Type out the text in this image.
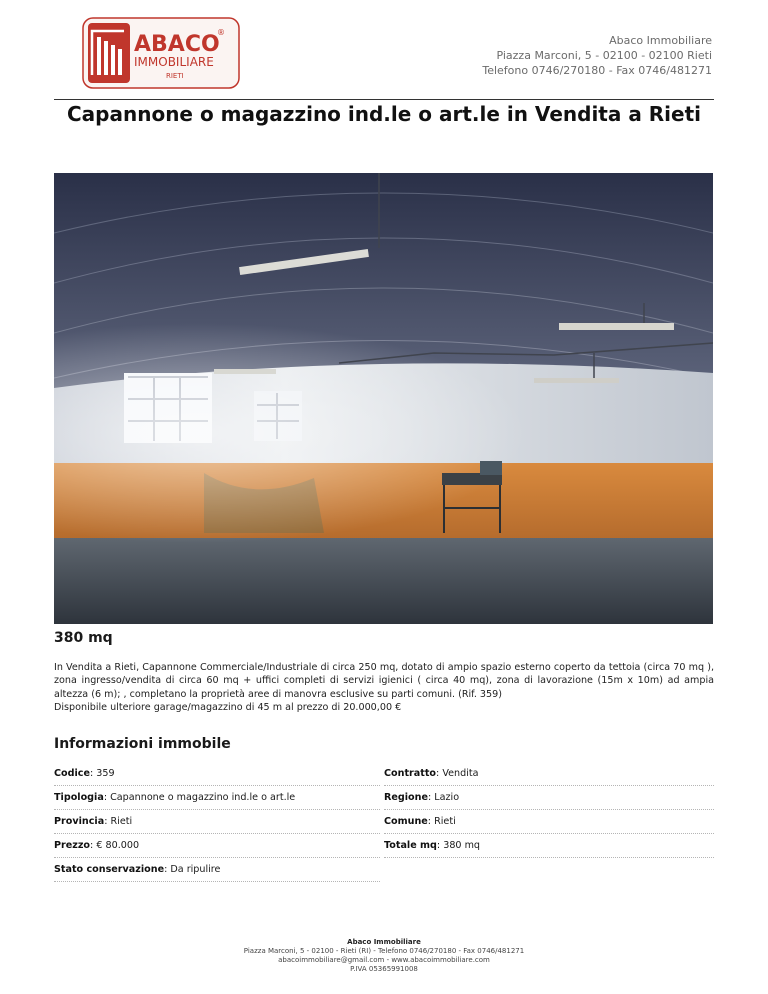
ABACO
®
IMMOBILIARE
RIETI
Abaco Immobiliare
Piazza Marconi, 5 - 02100 - 02100 Rieti
Telefono 0746/270180 - Fax 0746/481271
Capannone o magazzino ind.le o art.le in Vendita a Rieti
380 mq

In Vendita a Rieti, Capannone Commerciale/Industriale di circa 250 mq, dotato di ampio spazio esterno coperto da tettoia (circa 70 mq ), zona ingresso/vendita di circa 60 mq + uffici completi di servizi igienici ( circa 40 mq), zona di lavorazione (15m x 10m) ad ampia altezza (6 m); , completano la proprietà aree di manovra esclusive su parti comuni. (Rif. 359)

Disponibile ulteriore garage/magazzino di 45 m al prezzo di 20.000,00 €

Informazioni immobile
Codice: 359	Contratto: Vendita
Tipologia: Capannone o magazzino ind.le o art.le	Regione: Lazio
Provincia: Rieti	Comune: Rieti
Prezzo: € 80.000	Totale mq: 380 mq
Stato conservazione: Da ripulire
Abaco Immobiliare
Piazza Marconi, 5 - 02100 - Rieti (RI) - Telefono 0746/270180 - Fax 0746/481271
abacoimmobiliare@gmail.com - www.abacoimmobiliare.com
P.IVA 05365991008
